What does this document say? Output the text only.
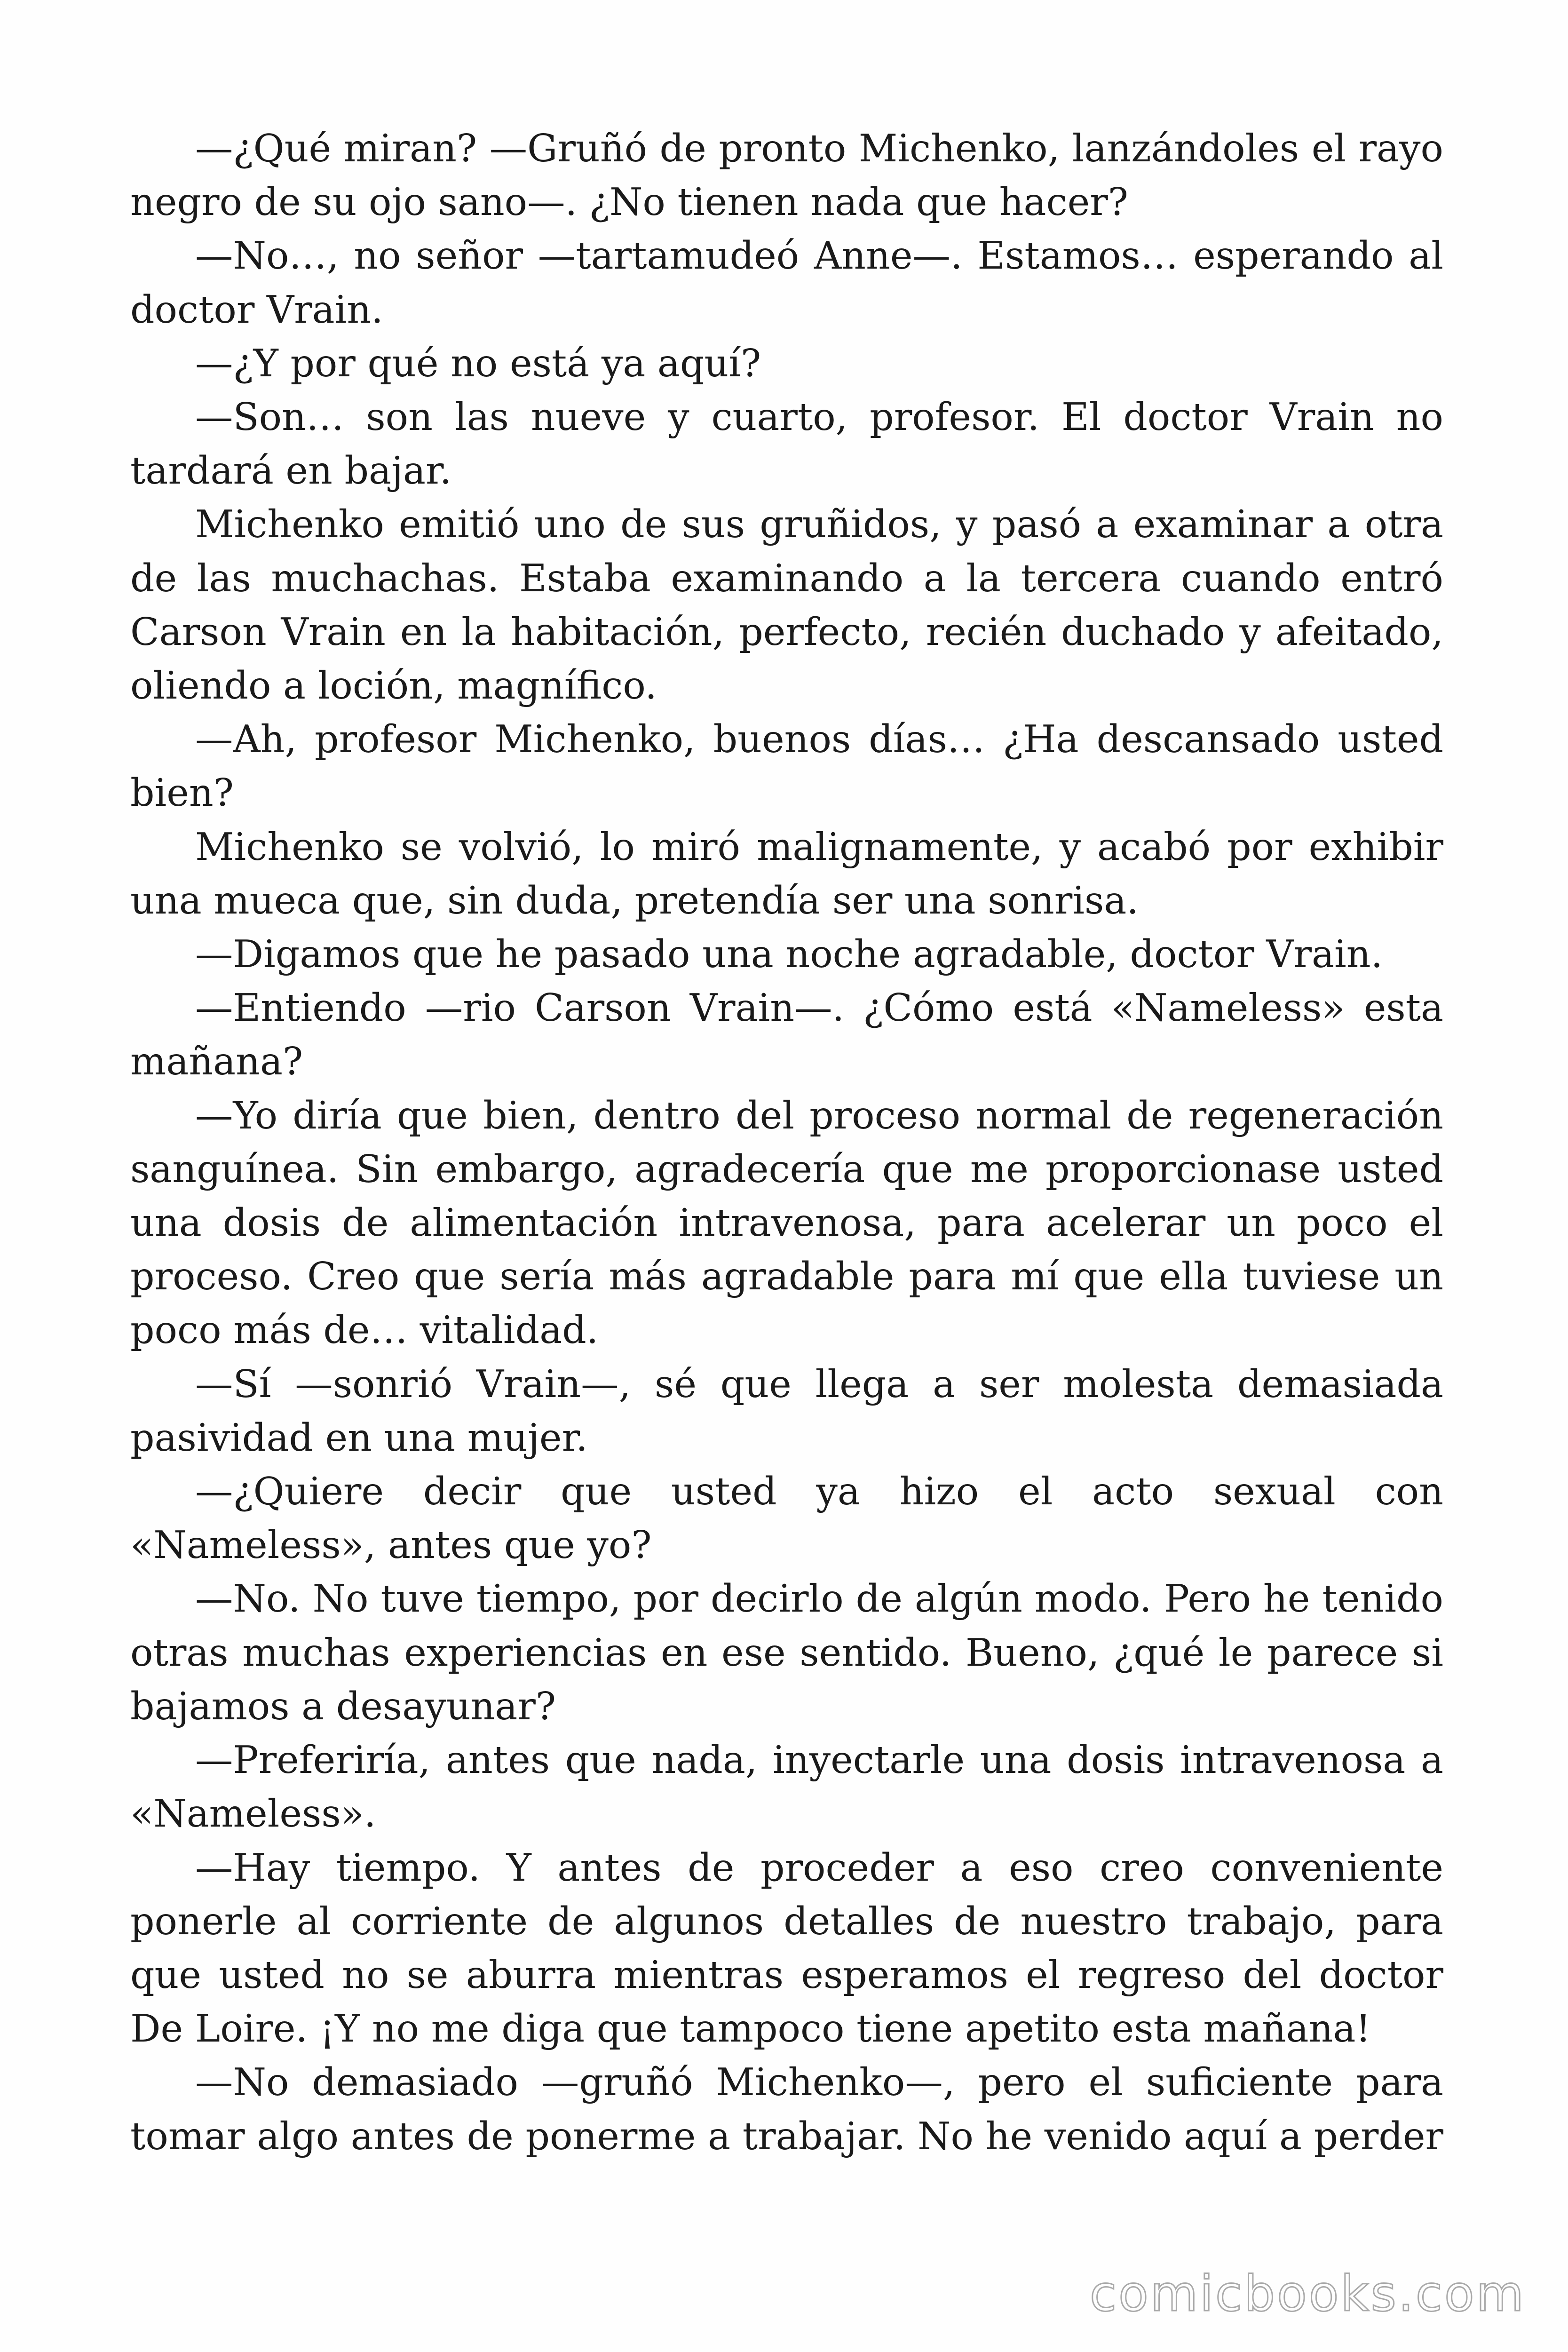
—¿Qué miran? —Gruñó de pronto Michenko, lanzándoles el rayo negro de su ojo sano—. ¿No tienen nada que hacer?

—No…, no señor —tartamudeó Anne—. Estamos… esperando al doctor Vrain.

—¿Y por qué no está ya aquí?

—Son… son las nueve y cuarto, profesor. El doctor Vrain no tardará en bajar.

Michenko emitió uno de sus gruñidos, y pasó a examinar a otra de las muchachas. Estaba examinando a la tercera cuando entró Carson Vrain en la habitación, perfecto, recién duchado y afeitado, oliendo a loción, magnífico.

—Ah, profesor Michenko, buenos días… ¿Ha descansado usted bien?

Michenko se volvió, lo miró malignamente, y acabó por exhibir una mueca que, sin duda, pretendía ser una sonrisa.

—Digamos que he pasado una noche agradable, doctor Vrain.

—Entiendo —rio Carson Vrain—. ¿Cómo está «Nameless» esta mañana?

—Yo diría que bien, dentro del proceso normal de regeneración sanguínea. Sin embargo, agradecería que me proporcionase usted una dosis de alimentación intravenosa, para acelerar un poco el proceso. Creo que sería más agradable para mí que ella tuviese un poco más de… vitalidad.

—Sí —sonrió Vrain—, sé que llega a ser molesta demasiada pasividad en una mujer.

—¿Quiere decir que usted ya hizo el acto sexual con «Nameless», antes que yo?

—No. No tuve tiempo, por decirlo de algún modo. Pero he tenido otras muchas experiencias en ese sentido. Bueno, ¿qué le parece si bajamos a desayunar?

—Preferiría, antes que nada, inyectarle una dosis intravenosa a «Nameless».

—Hay tiempo. Y antes de proceder a eso creo conveniente ponerle al corriente de algunos detalles de nuestro trabajo, para que usted no se aburra mientras esperamos el regreso del doctor De Loire. ¡Y no me diga que tampoco tiene apetito esta mañana!

—No demasiado —gruñó Michenko—, pero el suficiente para tomar algo antes de ponerme a trabajar. No he venido aquí a perder

comicbooks.com
